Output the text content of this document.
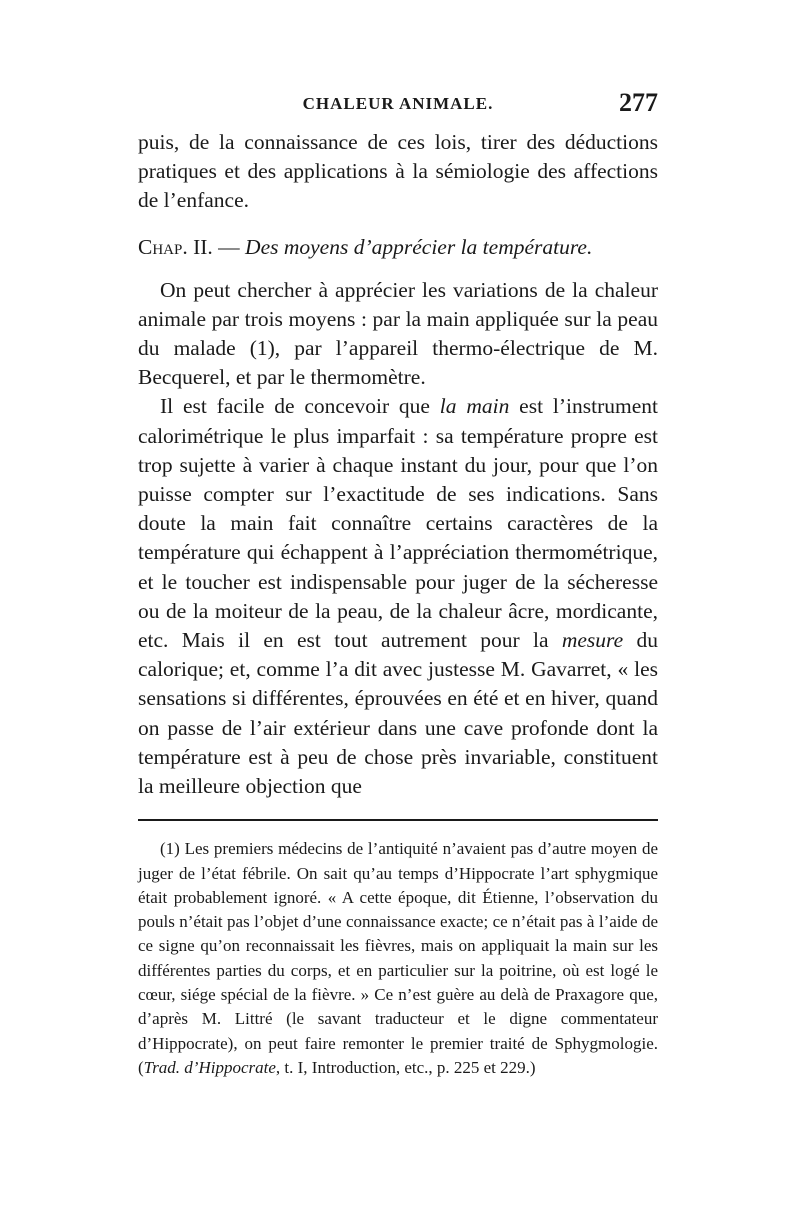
CHALEUR ANIMALE.	277

puis, de la connaissance de ces lois, tirer des déductions pratiques et des applications à la sémiologie des affections de l’enfance.

Chap. II. — Des moyens d’apprécier la température.

On peut chercher à apprécier les variations de la chaleur animale par trois moyens : par la main appliquée sur la peau du malade (1), par l’appareil thermo-électrique de M. Becquerel, et par le thermomètre.

Il est facile de concevoir que la main est l’instrument calorimétrique le plus imparfait : sa température propre est trop sujette à varier à chaque instant du jour, pour que l’on puisse compter sur l’exactitude de ses indications. Sans doute la main fait connaître certains caractères de la température qui échappent à l’appréciation thermométrique, et le toucher est indispensable pour juger de la sécheresse ou de la moiteur de la peau, de la chaleur âcre, mordicante, etc. Mais il en est tout autrement pour la mesure du calorique; et, comme l’a dit avec justesse M. Gavarret, « les sensations si différentes, éprouvées en été et en hiver, quand on passe de l’air extérieur dans une cave profonde dont la température est à peu de chose près invariable, constituent la meilleure objection que

(1) Les premiers médecins de l’antiquité n’avaient pas d’autre moyen de juger de l’état fébrile. On sait qu’au temps d’Hippocrate l’art sphygmique était probablement ignoré. « A cette époque, dit Étienne, l’observation du pouls n’était pas l’objet d’une connaissance exacte; ce n’était pas à l’aide de ce signe qu’on reconnaissait les fièvres, mais on appliquait la main sur les différentes parties du corps, et en particulier sur la poitrine, où est logé le cœur, siége spécial de la fièvre. » Ce n’est guère au delà de Praxagore que, d’après M. Littré (le savant traducteur et le digne commentateur d’Hippocrate), on peut faire remonter le premier traité de Sphygmologie. (Trad. d’Hippocrate, t. I, Introduction, etc., p. 225 et 229.)
